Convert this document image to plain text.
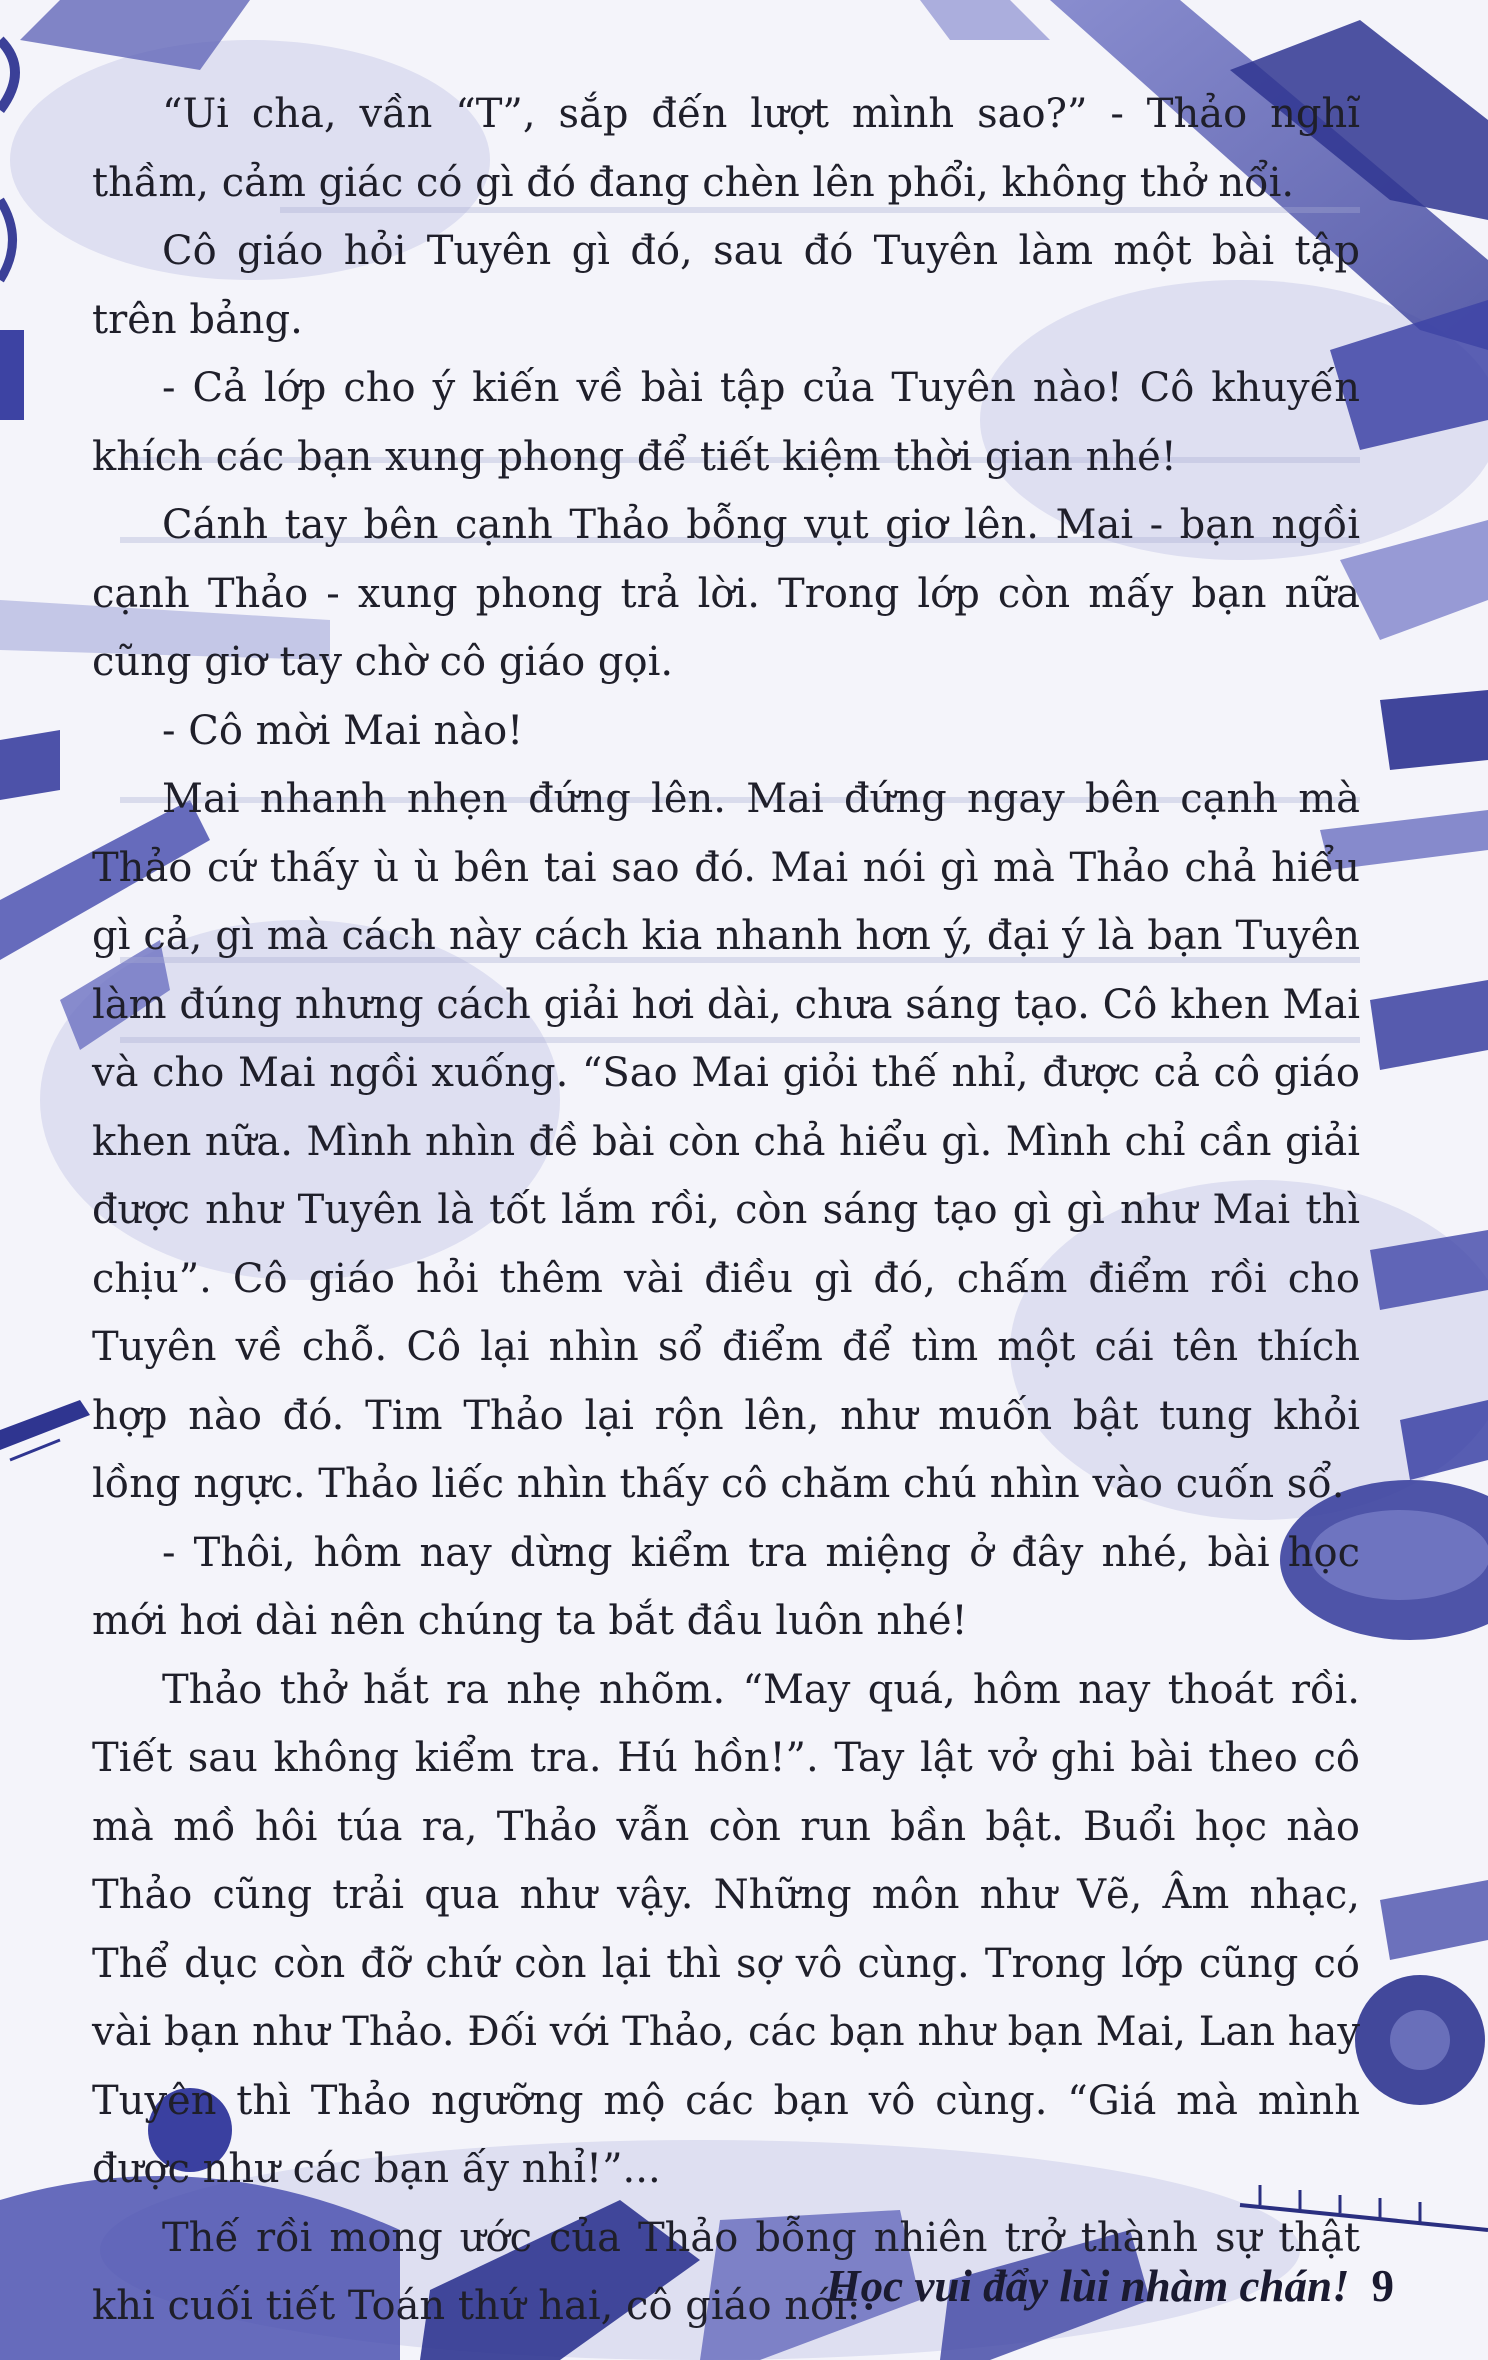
“Ui cha, vần “T”, sắp đến lượt mình sao?” - Thảo nghĩ thầm, cảm giác có gì đó đang chèn lên phổi, không thở nổi.

Cô giáo hỏi Tuyên gì đó, sau đó Tuyên làm một bài tập trên bảng.

- Cả lớp cho ý kiến về bài tập của Tuyên nào! Cô khuyến khích các bạn xung phong để tiết kiệm thời gian nhé!

Cánh tay bên cạnh Thảo bỗng vụt giơ lên. Mai - bạn ngồi cạnh Thảo - xung phong trả lời. Trong lớp còn mấy bạn nữa cũng giơ tay chờ cô giáo gọi.

- Cô mời Mai nào!

Mai nhanh nhẹn đứng lên. Mai đứng ngay bên cạnh mà Thảo cứ thấy ù ù bên tai sao đó. Mai nói gì mà Thảo chả hiểu gì cả, gì mà cách này cách kia nhanh hơn ý, đại ý là bạn Tuyên làm đúng nhưng cách giải hơi dài, chưa sáng tạo. Cô khen Mai và cho Mai ngồi xuống. “Sao Mai giỏi thế nhỉ, được cả cô giáo khen nữa. Mình nhìn đề bài còn chả hiểu gì. Mình chỉ cần giải được như Tuyên là tốt lắm rồi, còn sáng tạo gì gì như Mai thì chịu”. Cô giáo hỏi thêm vài điều gì đó, chấm điểm rồi cho Tuyên về chỗ. Cô lại nhìn sổ điểm để tìm một cái tên thích hợp nào đó. Tim Thảo lại rộn lên, như muốn bật tung khỏi lồng ngực. Thảo liếc nhìn thấy cô chăm chú nhìn vào cuốn sổ.

- Thôi, hôm nay dừng kiểm tra miệng ở đây nhé, bài học mới hơi dài nên chúng ta bắt đầu luôn nhé!

Thảo thở hắt ra nhẹ nhõm. “May quá, hôm nay thoát rồi. Tiết sau không kiểm tra. Hú hồn!”. Tay lật vở ghi bài theo cô mà mồ hôi túa ra, Thảo vẫn còn run bần bật. Buổi học nào Thảo cũng trải qua như vậy. Những môn như Vẽ, Âm nhạc, Thể dục còn đỡ chứ còn lại thì sợ vô cùng. Trong lớp cũng có vài bạn như Thảo. Đối với Thảo, các bạn như bạn Mai, Lan hay Tuyên thì Thảo ngưỡng mộ các bạn vô cùng. “Giá mà mình được như các bạn ấy nhỉ!”...

Thế rồi mong ước của Thảo bỗng nhiên trở thành sự thật khi cuối tiết Toán thứ hai, cô giáo nói:

Học vui đẩy lùi nhàm chán! 9
